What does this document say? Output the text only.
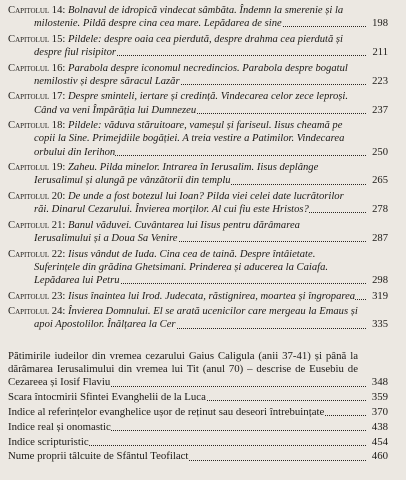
Capitolul 14: Bolnavul de idropică vindecat sâmbăta. Îndemn la smerenie și la milostenie. Pildă despre cina cea mare. Lepădarea de sine	198
Capitolul 15: Pildele: despre oaia cea pierdută, despre drahma cea pierdută și despre fiul risipitor	211
Capitolul 16: Parabola despre iconomul necredincios. Parabola despre bogatul nemilostiv și despre săracul Lazăr	223
Capitolul 17: Despre sminteli, iertare și credință. Vindecarea celor zece leproși. Când va veni Împărăția lui Dumnezeu	237
Capitolul 18: Pildele: văduva stăruitoare, vameșul și fariseul. Iisus cheamă pe copii la Sine. Primejdiile bogăției. A treia vestire a Patimilor. Vindecarea orbului din Ierihon	250
Capitolul 19: Zaheu. Pilda minelor. Intrarea în Ierusalim. Iisus deplânge Ierusalimul și alungă pe vânzătorii din templu	265
Capitolul 20: De unde a fost botezul lui Ioan? Pilda viei celei date lucrătorilor răi. Dinarul Cezarului. Învierea morților. Al cui fiu este Hristos?	278
Capitolul 21: Banul văduvei. Cuvântarea lui Iisus pentru dărâmarea Ierusalimului și a Doua Sa Venire	287
Capitolul 22: Iisus vândut de Iuda. Cina cea de taină. Despre întâietate. Suferințele din grădina Ghetsimani. Prinderea și aducerea la Caiafa. Lepădarea lui Petru	298
Capitolul 23: Iisus înaintea lui Irod. Judecata, răstignirea, moartea și îngroparea	319
Capitolul 24: Învierea Domnului. El se arată ucenicilor care mergeau la Emaus și apoi Apostolilor. Înălțarea la Cer	335
Pătimirile iudeilor din vremea cezarului Gaius Caligula (anii 37-41) și până la dărâmarea Ierusalimului din vremea lui Tit (anul 70) – descrise de Eusebiu de Cezareea și Iosif Flaviu	348
Scara întocmirii Sfintei Evanghelii de la Luca	359
Indice al referințelor evanghelice ușor de reținut sau deseori întrebuințate	370
Indice real și onomastic	438
Indice scripturistic	454
Nume proprii tâlcuite de Sfântul Teofilact	460
